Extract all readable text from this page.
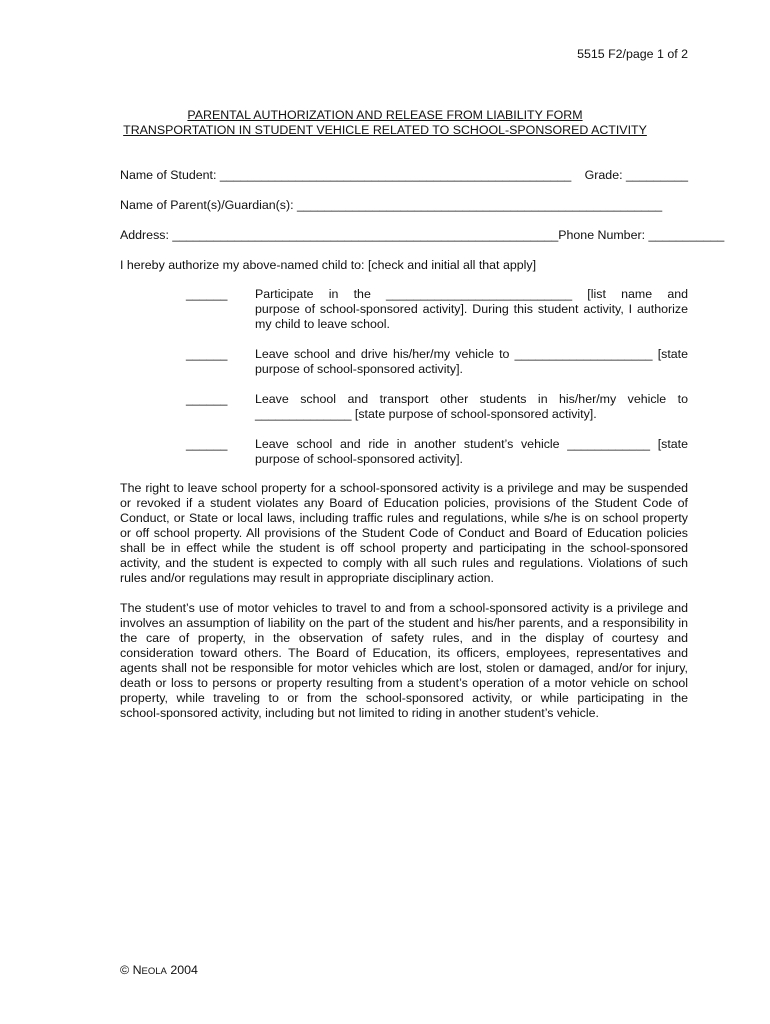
5515 F2/page 1 of 2
PARENTAL AUTHORIZATION AND RELEASE FROM LIABILITY FORM
TRANSPORTATION IN STUDENT VEHICLE RELATED TO SCHOOL-SPONSORED ACTIVITY
Name of Student: ___________________________________________________ Grade: _________
Name of Parent(s)/Guardian(s): _____________________________________________________
Address: ________________________________________________________ Phone Number: ___________
I hereby authorize my above-named child to: [check and initial all that apply]
______ Participate in the ___________________________ [list name and
purpose of school-sponsored activity]. During this student activity, I authorize
my child to leave school.
______ Leave school and drive his/her/my vehicle to ____________________ [state
purpose of school-sponsored activity].
______ Leave school and transport other students in his/her/my vehicle to
______________ [state purpose of school-sponsored activity].
______ Leave school and ride in another student’s vehicle ____________ [state
purpose of school-sponsored activity].
The right to leave school property for a school-sponsored activity is a privilege and may be suspended
or revoked if a student violates any Board of Education policies, provisions of the Student Code of
Conduct, or State or local laws, including traffic rules and regulations, while s/he is on school property
or off school property. All provisions of the Student Code of Conduct and Board of Education policies
shall be in effect while the student is off school property and participating in the school-sponsored
activity, and the student is expected to comply with all such rules and regulations. Violations of such
rules and/or regulations may result in appropriate disciplinary action.
The student’s use of motor vehicles to travel to and from a school-sponsored activity is a privilege and
involves an assumption of liability on the part of the student and his/her parents, and a responsibility in
the care of property, in the observation of safety rules, and in the display of courtesy and
consideration toward others. The Board of Education, its officers, employees, representatives and
agents shall not be responsible for motor vehicles which are lost, stolen or damaged, and/or for injury,
death or loss to persons or property resulting from a student’s operation of a motor vehicle on school
property, while traveling to or from the school-sponsored activity, or while participating in the
school-sponsored activity, including but not limited to riding in another student’s vehicle.
© NEOLA 2004
